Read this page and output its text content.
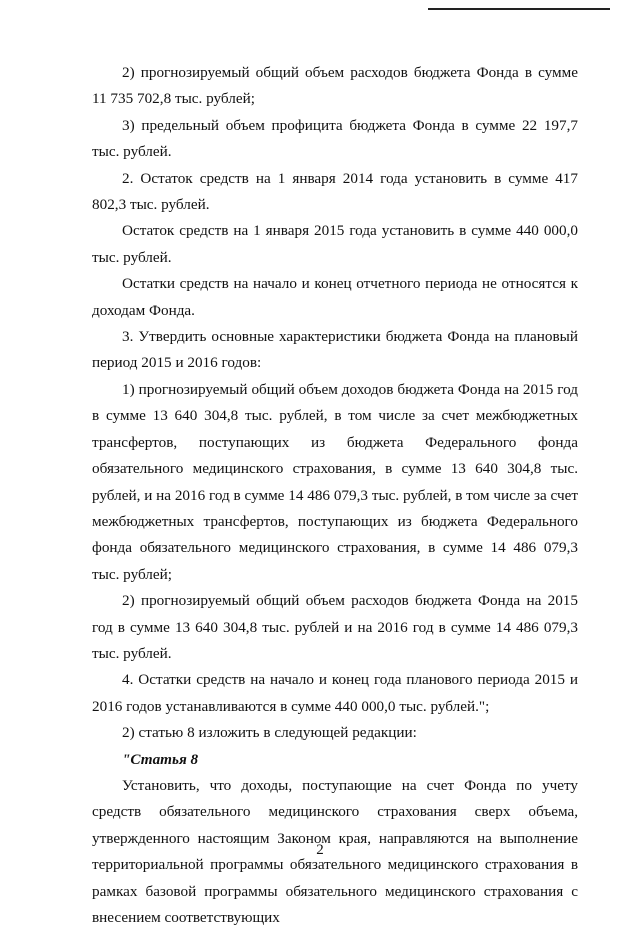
2) прогнозируемый общий объем расходов бюджета Фонда в сумме 11 735 702,8 тыс. рублей;

3) предельный объем профицита бюджета Фонда в сумме 22 197,7 тыс. рублей.

2. Остаток средств на 1 января 2014 года установить в сумме 417 802,3 тыс. рублей.

Остаток средств на 1 января 2015 года установить в сумме 440 000,0 тыс. рублей.

Остатки средств на начало и конец отчетного периода не относятся к доходам Фонда.

3. Утвердить основные характеристики бюджета Фонда на плановый период 2015 и 2016 годов:

1) прогнозируемый общий объем доходов бюджета Фонда на 2015 год в сумме 13 640 304,8 тыс. рублей, в том числе за счет межбюджетных трансфертов, поступающих из бюджета Федерального фонда обязательного медицинского страхования, в сумме 13 640 304,8 тыс. рублей, и на 2016 год в сумме 14 486 079,3 тыс. рублей, в том числе за счет межбюджетных трансфертов, поступающих из бюджета Федерального фонда обязательного медицинского страхования, в сумме 14 486 079,3 тыс. рублей;

2) прогнозируемый общий объем расходов бюджета Фонда на 2015 год в сумме 13 640 304,8 тыс. рублей и на 2016 год в сумме 14 486 079,3 тыс. рублей.

4. Остатки средств на начало и конец года планового периода 2015 и 2016 годов устанавливаются в сумме 440 000,0 тыс. рублей.";

2) статью 8 изложить в следующей редакции:

"Статья 8

Установить, что доходы, поступающие на счет Фонда по учету средств обязательного медицинского страхования сверх объема, утвержденного настоящим Законом края, направляются на выполнение территориальной программы обязательного медицинского страхования в рамках базовой программы обязательного медицинского страхования с внесением соответствующих

2
